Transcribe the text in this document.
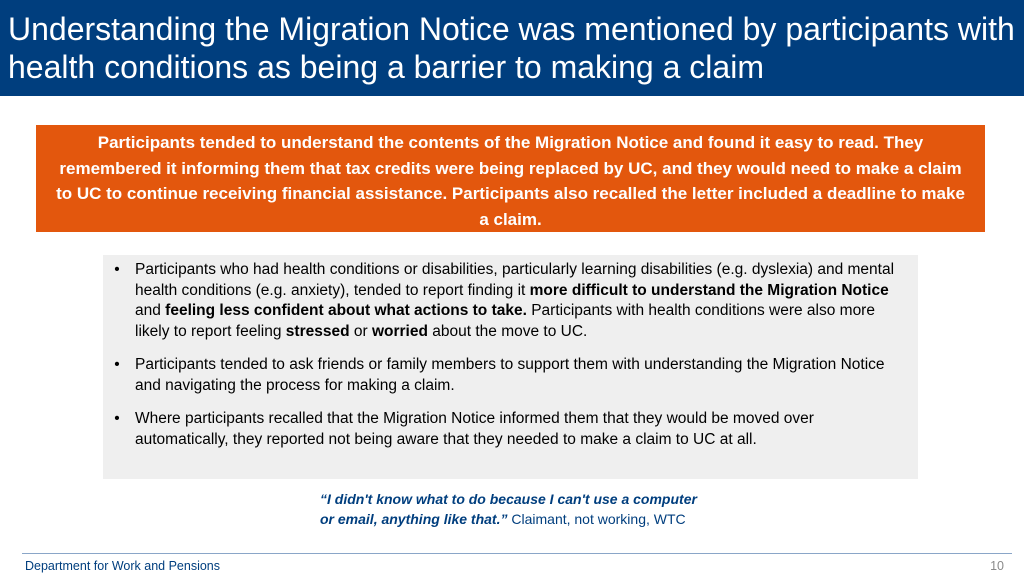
Understanding the Migration Notice was mentioned by participants with health conditions as being a barrier to making a claim
Participants tended to understand the contents of the Migration Notice and found it easy to read. They remembered it informing them that tax credits were being replaced by UC, and they would need to make a claim to UC to continue receiving financial assistance. Participants also recalled the letter included a deadline to make a claim.
• Participants who had health conditions or disabilities, particularly learning disabilities (e.g. dyslexia) and mental health conditions (e.g. anxiety), tended to report finding it more difficult to understand the Migration Notice and feeling less confident about what actions to take. Participants with health conditions were also more likely to report feeling stressed or worried about the move to UC.
• Participants tended to ask friends or family members to support them with understanding the Migration Notice and navigating the process for making a claim.
• Where participants recalled that the Migration Notice informed them that they would be moved over automatically, they reported not being aware that they needed to make a claim to UC at all.
“I didn't know what to do because I can't use a computer or email, anything like that.” Claimant, not working, WTC
Department for Work and Pensions	10
